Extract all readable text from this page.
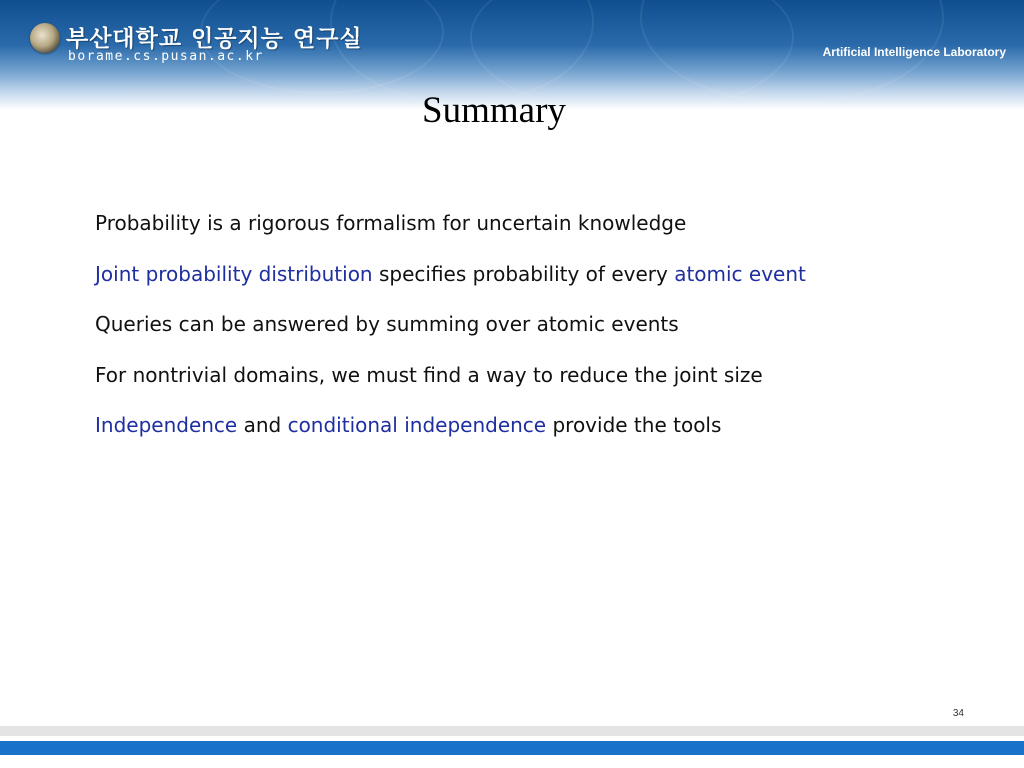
부산대학교 인공지능 연구실
borame.cs.pusan.ac.kr	Artificial Intelligence Laboratory
Summary
Probability is a rigorous formalism for uncertain knowledge
Joint probability distribution specifies probability of every atomic event
Queries can be answered by summing over atomic events
For nontrivial domains, we must find a way to reduce the joint size
Independence and conditional independence provide the tools
34
